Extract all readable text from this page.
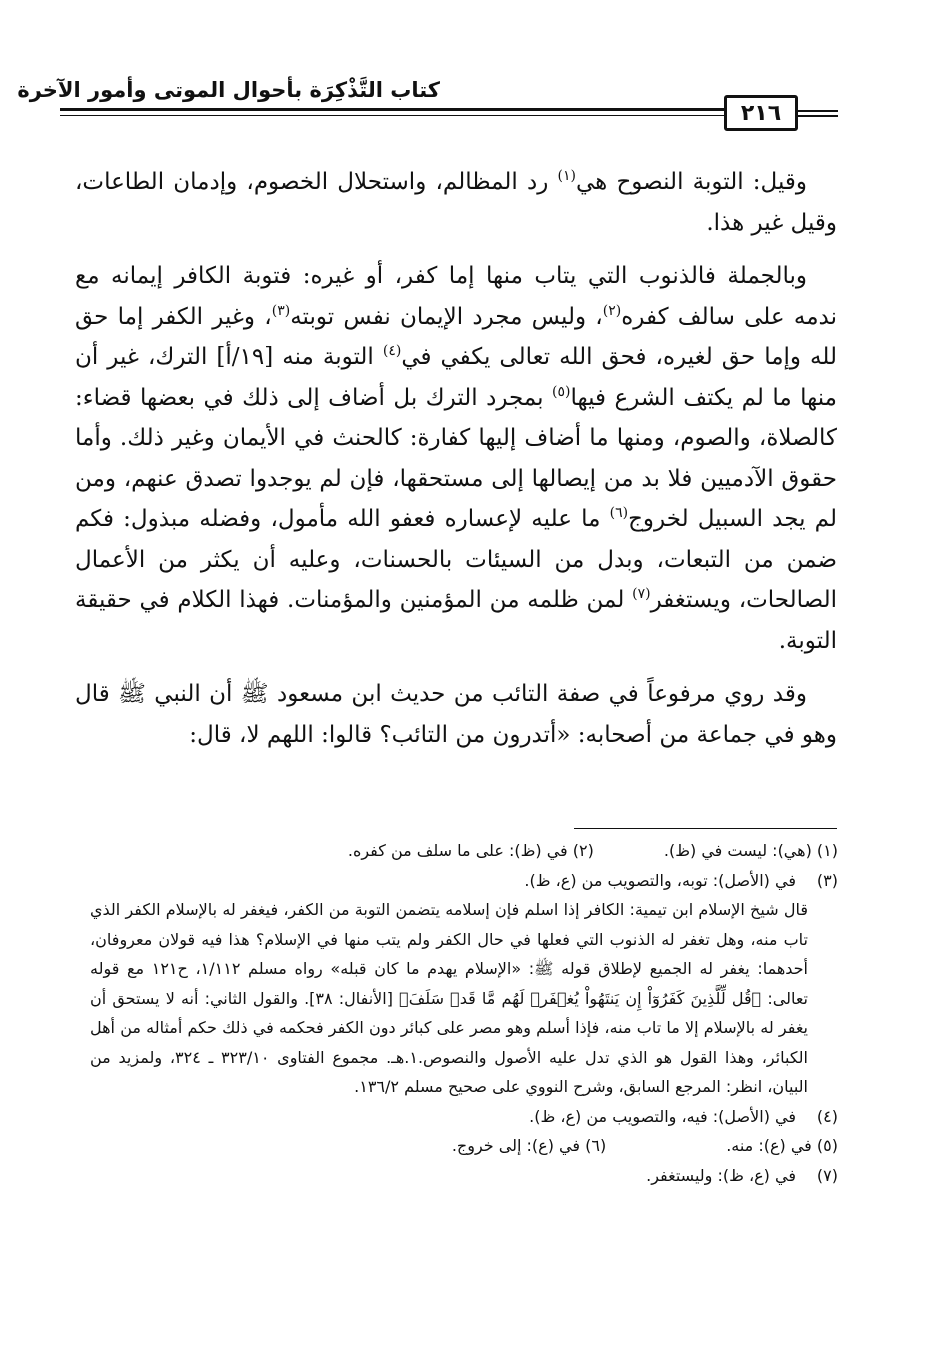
كتاب التَّذْكِرَة بأحوال الموتى وأمور الآخرة
٢١٦

وقيل: التوبة النصوح هي$^{(١)}$ رد المظالم، واستحلال الخصوم، وإدمان الطاعات، وقيل غير هذا.

وبالجملة فالذنوب التي يتاب منها إما كفر، أو غيره: فتوبة الكافر إيمانه مع ندمه على سالف كفره$^{(٢)}$، وليس مجرد الإيمان نفس توبته$^{(٣)}$، وغير الكفر إما حق لله وإما حق لغيره، فحق الله تعالى يكفي في$^{(٤)}$ التوبة منه [١٩/أ] الترك، غير أن منها ما لم يكتف الشرع فيها$^{(٥)}$ بمجرد الترك بل أضاف إلى ذلك في بعضها قضاء: كالصلاة، والصوم، ومنها ما أضاف إليها كفارة: كالحنث في الأيمان وغير ذلك. وأما حقوق الآدميين فلا بد من إيصالها إلى مستحقها، فإن لم يوجدوا تصدق عنهم، ومن لم يجد السبيل لخروج$^{(٦)}$ ما عليه لإعساره فعفو الله مأمول، وفضله مبذول: فكم ضمن من التبعات، وبدل من السيئات بالحسنات، وعليه أن يكثر من الأعمال الصالحات، ويستغفر$^{(٧)}$ لمن ظلمه من المؤمنين والمؤمنات. فهذا الكلام في حقيقة التوبة.

وقد روي مرفوعاً في صفة التائب من حديث ابن مسعود ﷺ أن النبي ﷺ قال وهو في جماعة من أصحابه: «أتدرون من التائب؟ قالوا: اللهم لا، قال:

(١) (هي): ليست في (ظ).
(٢) في (ظ): على ما سلف من كفره.
(٣)
في (الأصل): توبه، والتصويب من (ع، ظ).
قال شيخ الإسلام ابن تيمية: الكافر إذا اسلم فإن إسلامه يتضمن التوبة من الكفر، فيغفر له بالإسلام الكفر الذي تاب منه، وهل تغفر له الذنوب التي فعلها في حال الكفر ولم يتب منها في الإسلام؟ هذا فيه قولان معروفان، أحدهما: يغفر له الجميع لإطلاق قوله ﷺ: «الإسلام يهدم ما كان قبله» رواه مسلم ١/١١٢، ح١٢١ مع قوله تعالى: ﴿قُل لِّلَّذِينَ كَفَرُوٓاْ إِن يَنتَهُواْ يُغۡفَرۡ لَهُم مَّا قَدۡ سَلَفَ﴾ [الأنفال: ٣٨]. والقول الثاني: أنه لا يستحق أن يغفر له بالإسلام إلا ما تاب منه، فإذا أسلم وهو مصر على كبائر دون الكفر فحكمه في ذلك حكم أمثاله من أهل الكبائر، وهذا القول هو الذي تدل عليه الأصول والنصوص.١.هـ. مجموع الفتاوى ٣٢٣/١٠ ـ ٣٢٤، ولمزيد من البيان، انظر: المرجع السابق، وشرح النووي على صحيح مسلم ١٣٦/٢.
(٤)
في (الأصل): فيه، والتصويب من (ع، ظ).
(٥) في (ع): منه.
(٦) في (ع): إلى خروج.
(٧)
في (ع، ظ): وليستغفر.
